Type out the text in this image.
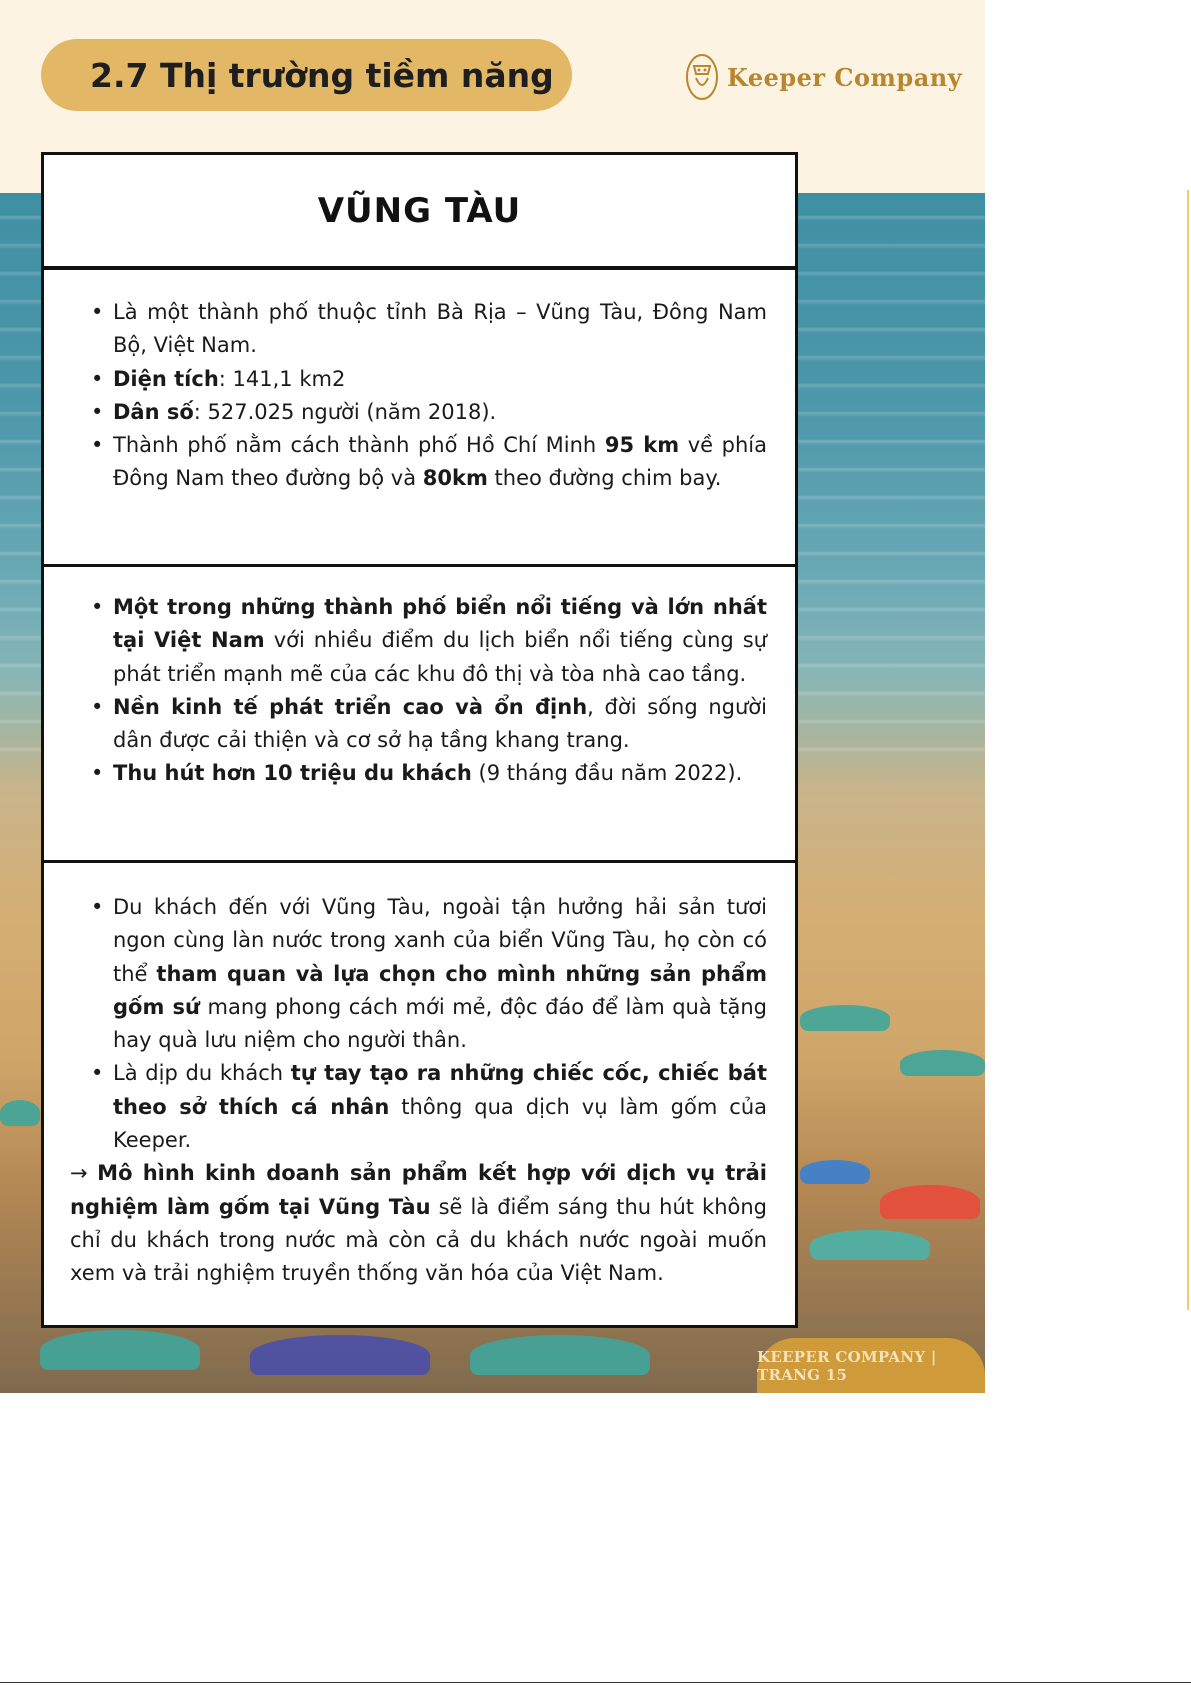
2.7 Thị trường tiềm năng	Keeper Company
VŨNG TÀU
• Là một thành phố thuộc tỉnh Bà Rịa – Vũng Tàu, Đông Nam Bộ, Việt Nam.
• Diện tích: 141,1 km2
• Dân số: 527.025 người (năm 2018).
• Thành phố nằm cách thành phố Hồ Chí Minh 95 km về phía Đông Nam theo đường bộ và 80km theo đường chim bay.
• Một trong những thành phố biển nổi tiếng và lớn nhất tại Việt Nam với nhiều điểm du lịch biển nổi tiếng cùng sự phát triển mạnh mẽ của các khu đô thị và tòa nhà cao tầng.
• Nền kinh tế phát triển cao và ổn định, đời sống người dân được cải thiện và cơ sở hạ tầng khang trang.
• Thu hút hơn 10 triệu du khách (9 tháng đầu năm 2022).
• Du khách đến với Vũng Tàu, ngoài tận hưởng hải sản tươi ngon cùng làn nước trong xanh của biển Vũng Tàu, họ còn có thể tham quan và lựa chọn cho mình những sản phẩm gốm sứ mang phong cách mới mẻ, độc đáo để làm quà tặng hay quà lưu niệm cho người thân.
• Là dịp du khách tự tay tạo ra những chiếc cốc, chiếc bát theo sở thích cá nhân thông qua dịch vụ làm gốm của Keeper.

→ Mô hình kinh doanh sản phẩm kết hợp với dịch vụ trải nghiệm làm gốm tại Vũng Tàu sẽ là điểm sáng thu hút không chỉ du khách trong nước mà còn cả du khách nước ngoài muốn xem và trải nghiệm truyền thống văn hóa của Việt Nam.

KEEPER COMPANY | TRANG 15
